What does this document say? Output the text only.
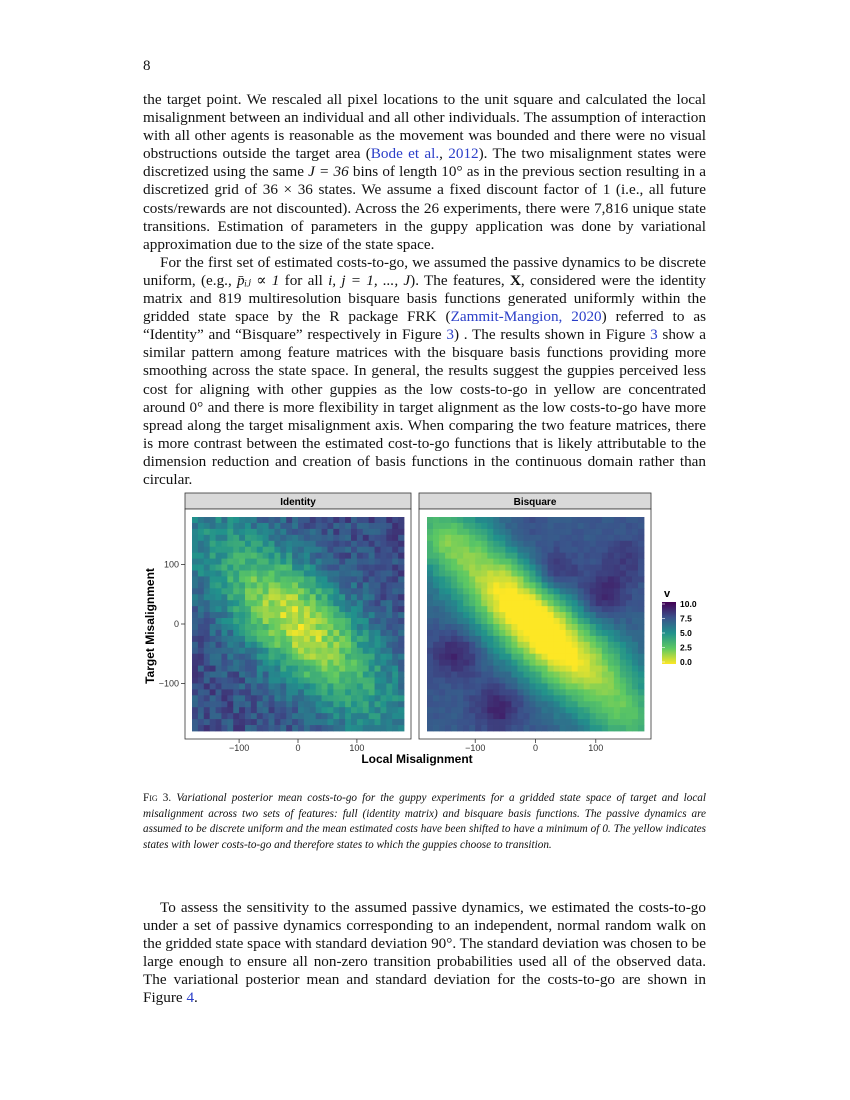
8

the target point. We rescaled all pixel locations to the unit square and calculated the local misalignment between an individual and all other individuals. The assumption of interaction with all other agents is reasonable as the movement was bounded and there were no visual obstructions outside the target area (Bode et al., 2012). The two misalignment states were discretized using the same J = 36 bins of length 10° as in the previous section resulting in a discretized grid of 36 × 36 states. We assume a fixed discount factor of 1 (i.e., all future costs/rewards are not discounted). Across the 26 experiments, there were 7,816 unique state transitions. Estimation of parameters in the guppy application was done by variational approximation due to the size of the state space.

For the first set of estimated costs-to-go, we assumed the passive dynamics to be discrete uniform, (e.g., p̄ᵢⱼ ∝ 1 for all i, j = 1, ..., J). The features, X, considered were the identity matrix and 819 multiresolution bisquare basis functions generated uniformly within the gridded state space by the R package FRK (Zammit-Mangion, 2020) referred to as “Identity” and “Bisquare” respectively in Figure 3) . The results shown in Figure 3 show a similar pattern among feature matrices with the bisquare basis functions providing more smoothing across the state space. In general, the results suggest the guppies perceived less cost for aligning with other guppies as the low costs-to-go in yellow are concentrated around 0° and there is more flexibility in target alignment as the low costs-to-go have more spread along the target misalignment axis. When comparing the two feature matrices, there is more contrast between the estimated cost-to-go functions that is likely attributable to the dimension reduction and creation of basis functions in the continuous domain rather than circular.

Identity	Bisquare
−100	0	100	−100	0	100
100
0
−100
Local Misalignment
Target Misalignment	v
10.0
7.5
5.0
2.5
0.0
Fig 3. Variational posterior mean costs-to-go for the guppy experiments for a gridded state space of target and local misalignment across two sets of features: full (identity matrix) and bisquare basis functions. The passive dynamics are assumed to be discrete uniform and the mean estimated costs have been shifted to have a minimum of 0. The yellow indicates states with lower costs-to-go and therefore states to which the guppies choose to transition.

To assess the sensitivity to the assumed passive dynamics, we estimated the costs-to-go under a set of passive dynamics corresponding to an independent, normal random walk on the gridded state space with standard deviation 90°. The standard deviation was chosen to be large enough to ensure all non-zero transition probabilities used all of the observed data. The variational posterior mean and standard deviation for the costs-to-go are shown in Figure 4.
